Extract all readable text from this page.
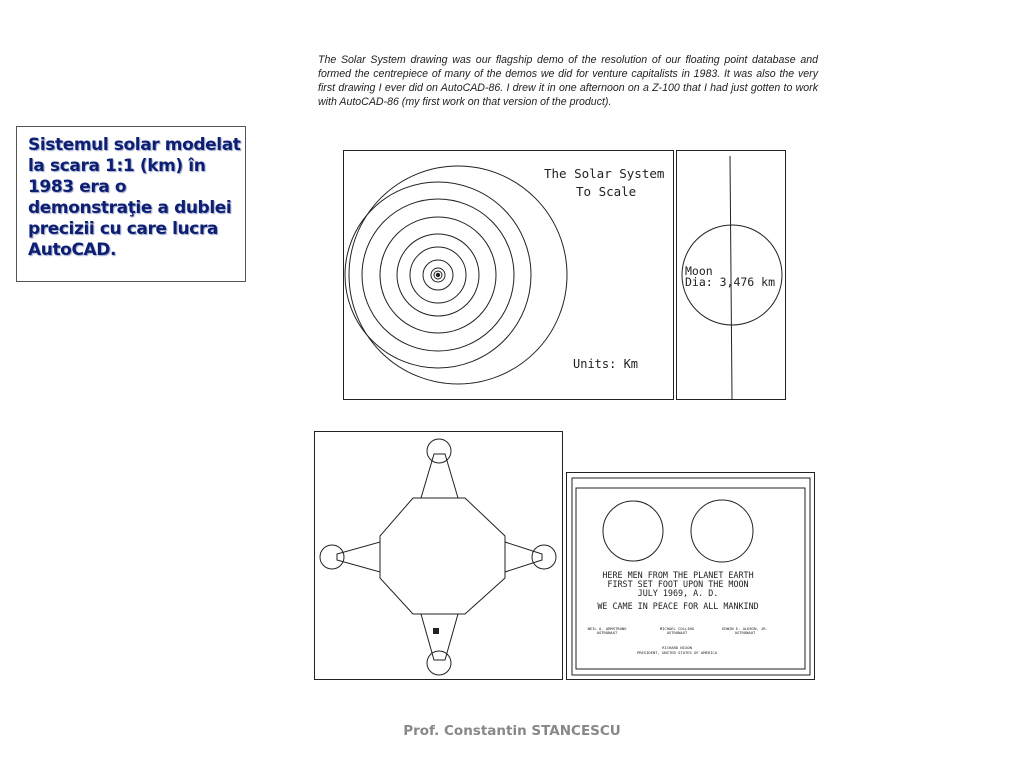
Sistemul solar modelat la scara 1:1 (km) în 1983 era o demonstraţie a dublei precizii cu care lucra AutoCAD.
The Solar System drawing was our flagship demo of the resolution of our floating point database and formed the centrepiece of many of the demos we did for venture capitalists in 1983. It was also the very first drawing I ever did on AutoCAD-86. I drew it in one afternoon on a Z-100 that I had just gotten to work with AutoCAD-86 (my first work on that version of the product).
The Solar System
To Scale
Units: Km
Moon
Dia: 3,476 km
HERE MEN FROM THE PLANET EARTH
FIRST SET FOOT UPON THE MOON
JULY 1969, A. D.
WE CAME IN PEACE FOR ALL MANKIND
NEIL A. ARMSTRONG
ASTRONAUT
MICHAEL COLLINS
ASTRONAUT
EDWIN E. ALDRIN, JR.
ASTRONAUT
RICHARD NIXON
PRESIDENT, UNITED STATES OF AMERICA
Prof. Constantin STANCESCU
